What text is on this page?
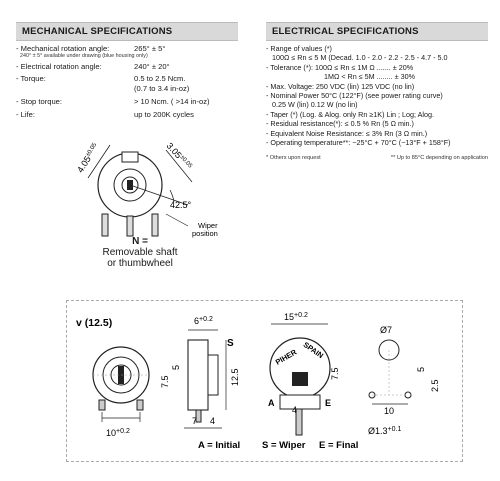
MECHANICAL SPECIFICATIONS
- Mechanical rotation angle:	265° ± 5°
240° ± 5° available under drawing (blue housing only)
- Electrical rotation angle:	240° ± 20°
- Torque:	0.5 to 2.5 Ncm.
(0.7 to 3.4 in-oz)
- Stop torque:	> 10 Ncm. ( >14 in-oz)
- Life:	up to 200K cycles
ELECTRICAL SPECIFICATIONS
- Range of values (*)
100Ω ≤ Rn ≤ 5 M (Decad. 1.0 - 2.0 - 2.2 - 2.5 - 4.7 - 5.0
- Tolerance (*): 100Ω ≤ Rn ≤ 1M Ω ....... ± 20%
1MΩ < Rn ≤ 5M ........ ± 30%
- Max. Voltage: 250 VDC (lin) 125 VDC (no lin)
- Nominal Power 50°C (122°F) (see power rating curve)
0.25 W (lin) 0.12 W (no lin)
- Taper (*) (Log. & Alog. only Rn ≥1K) Lin ; Log; Alog.
- Residual resistance(*): ≤ 0.5 % Rn (5 Ω min.)
- Equivalent Noise Resistance: ≤ 3% Rn (3 Ω min.)
- Operating temperature**: −25°C + 70°C (−13°F + 158°F)
* Others upon request	** Up to 85°C depending on application
$4.05^{\pm 0.05}$	$3.05^{\pm 0.05}$
42.5°
Wiper
position
N =
Removable shaft
or thumbwheel
v (12.5)
$10^{+0.2}$
$6^{+0.2}$
S
12.5
7.5
5
7 4
$15^{+0.2}$
PIHER SPAIN
A	E
4
7.5
Ø7
5
2.5
10
$Ø1.3^{+0.1}$
A = Initial S = Wiper E = Final
